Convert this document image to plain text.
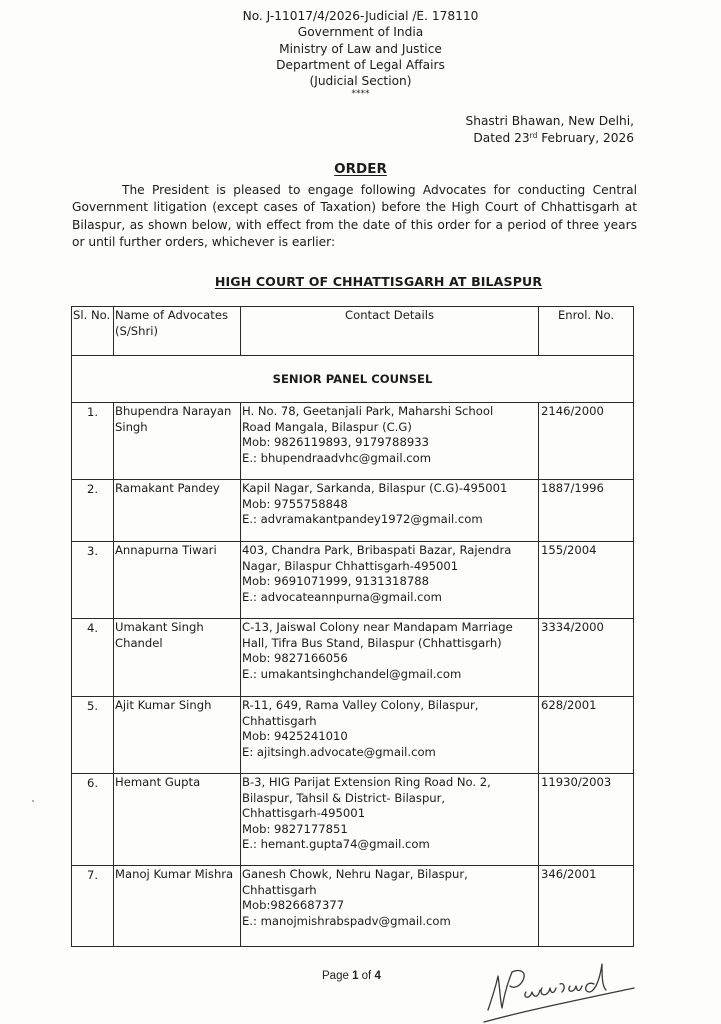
No. J-11017/4/2026-Judicial /E. 178110
Government of India
Ministry of Law and Justice
Department of Legal Affairs
(Judicial Section)
****
Shastri Bhawan, New Delhi,
Dated 23rd February, 2026
ORDER
The President is pleased to engage following Advocates for conducting Central Government litigation (except cases of Taxation) before the High Court of Chhattisgarh at Bilaspur, as shown below, with effect from the date of this order for a period of three years or until further orders, whichever is earlier:
HIGH COURT OF CHHATTISGARH AT BILASPUR
Sl. No.	Name of Advocates (S/Shri)	Contact Details	Enrol. No.
SENIOR PANEL COUNSEL			
1.	Bhupendra Narayan Singh	H. No. 78, Geetanjali Park, Maharshi School
Road Mangala, Bilaspur (C.G)
Mob: 9826119893, 9179788933
E.: bhupendraadvhc@gmail.com	2146/2000
2.	Ramakant Pandey	Kapil Nagar, Sarkanda, Bilaspur (C.G)-495001
Mob: 9755758848
E.: advramakantpandey1972@gmail.com	1887/1996
3.	Annapurna Tiwari	403, Chandra Park, Bribaspati Bazar, Rajendra
Nagar, Bilaspur Chhattisgarh-495001
Mob: 9691071999, 9131318788
E.: advocateannpurna@gmail.com	155/2004
4.	Umakant Singh Chandel	C-13, Jaiswal Colony near Mandapam Marriage
Hall, Tifra Bus Stand, Bilaspur (Chhattisgarh)
Mob: 9827166056
E.: umakantsinghchandel@gmail.com	3334/2000
5.	Ajit Kumar Singh	R-11, 649, Rama Valley Colony, Bilaspur,
Chhattisgarh
Mob: 9425241010
E: ajitsingh.advocate@gmail.com	628/2001
6.	Hemant Gupta	B-3, HIG Parijat Extension Ring Road No. 2,
Bilaspur, Tahsil & District- Bilaspur,
Chhattisgarh-495001
Mob: 9827177851
E.: hemant.gupta74@gmail.com	11930/2003
7.	Manoj Kumar Mishra	Ganesh Chowk, Nehru Nagar, Bilaspur,
Chhattisgarh
Mob:9826687377
E.: manojmishrabspadv@gmail.com	346/2001
Page 1 of 4
